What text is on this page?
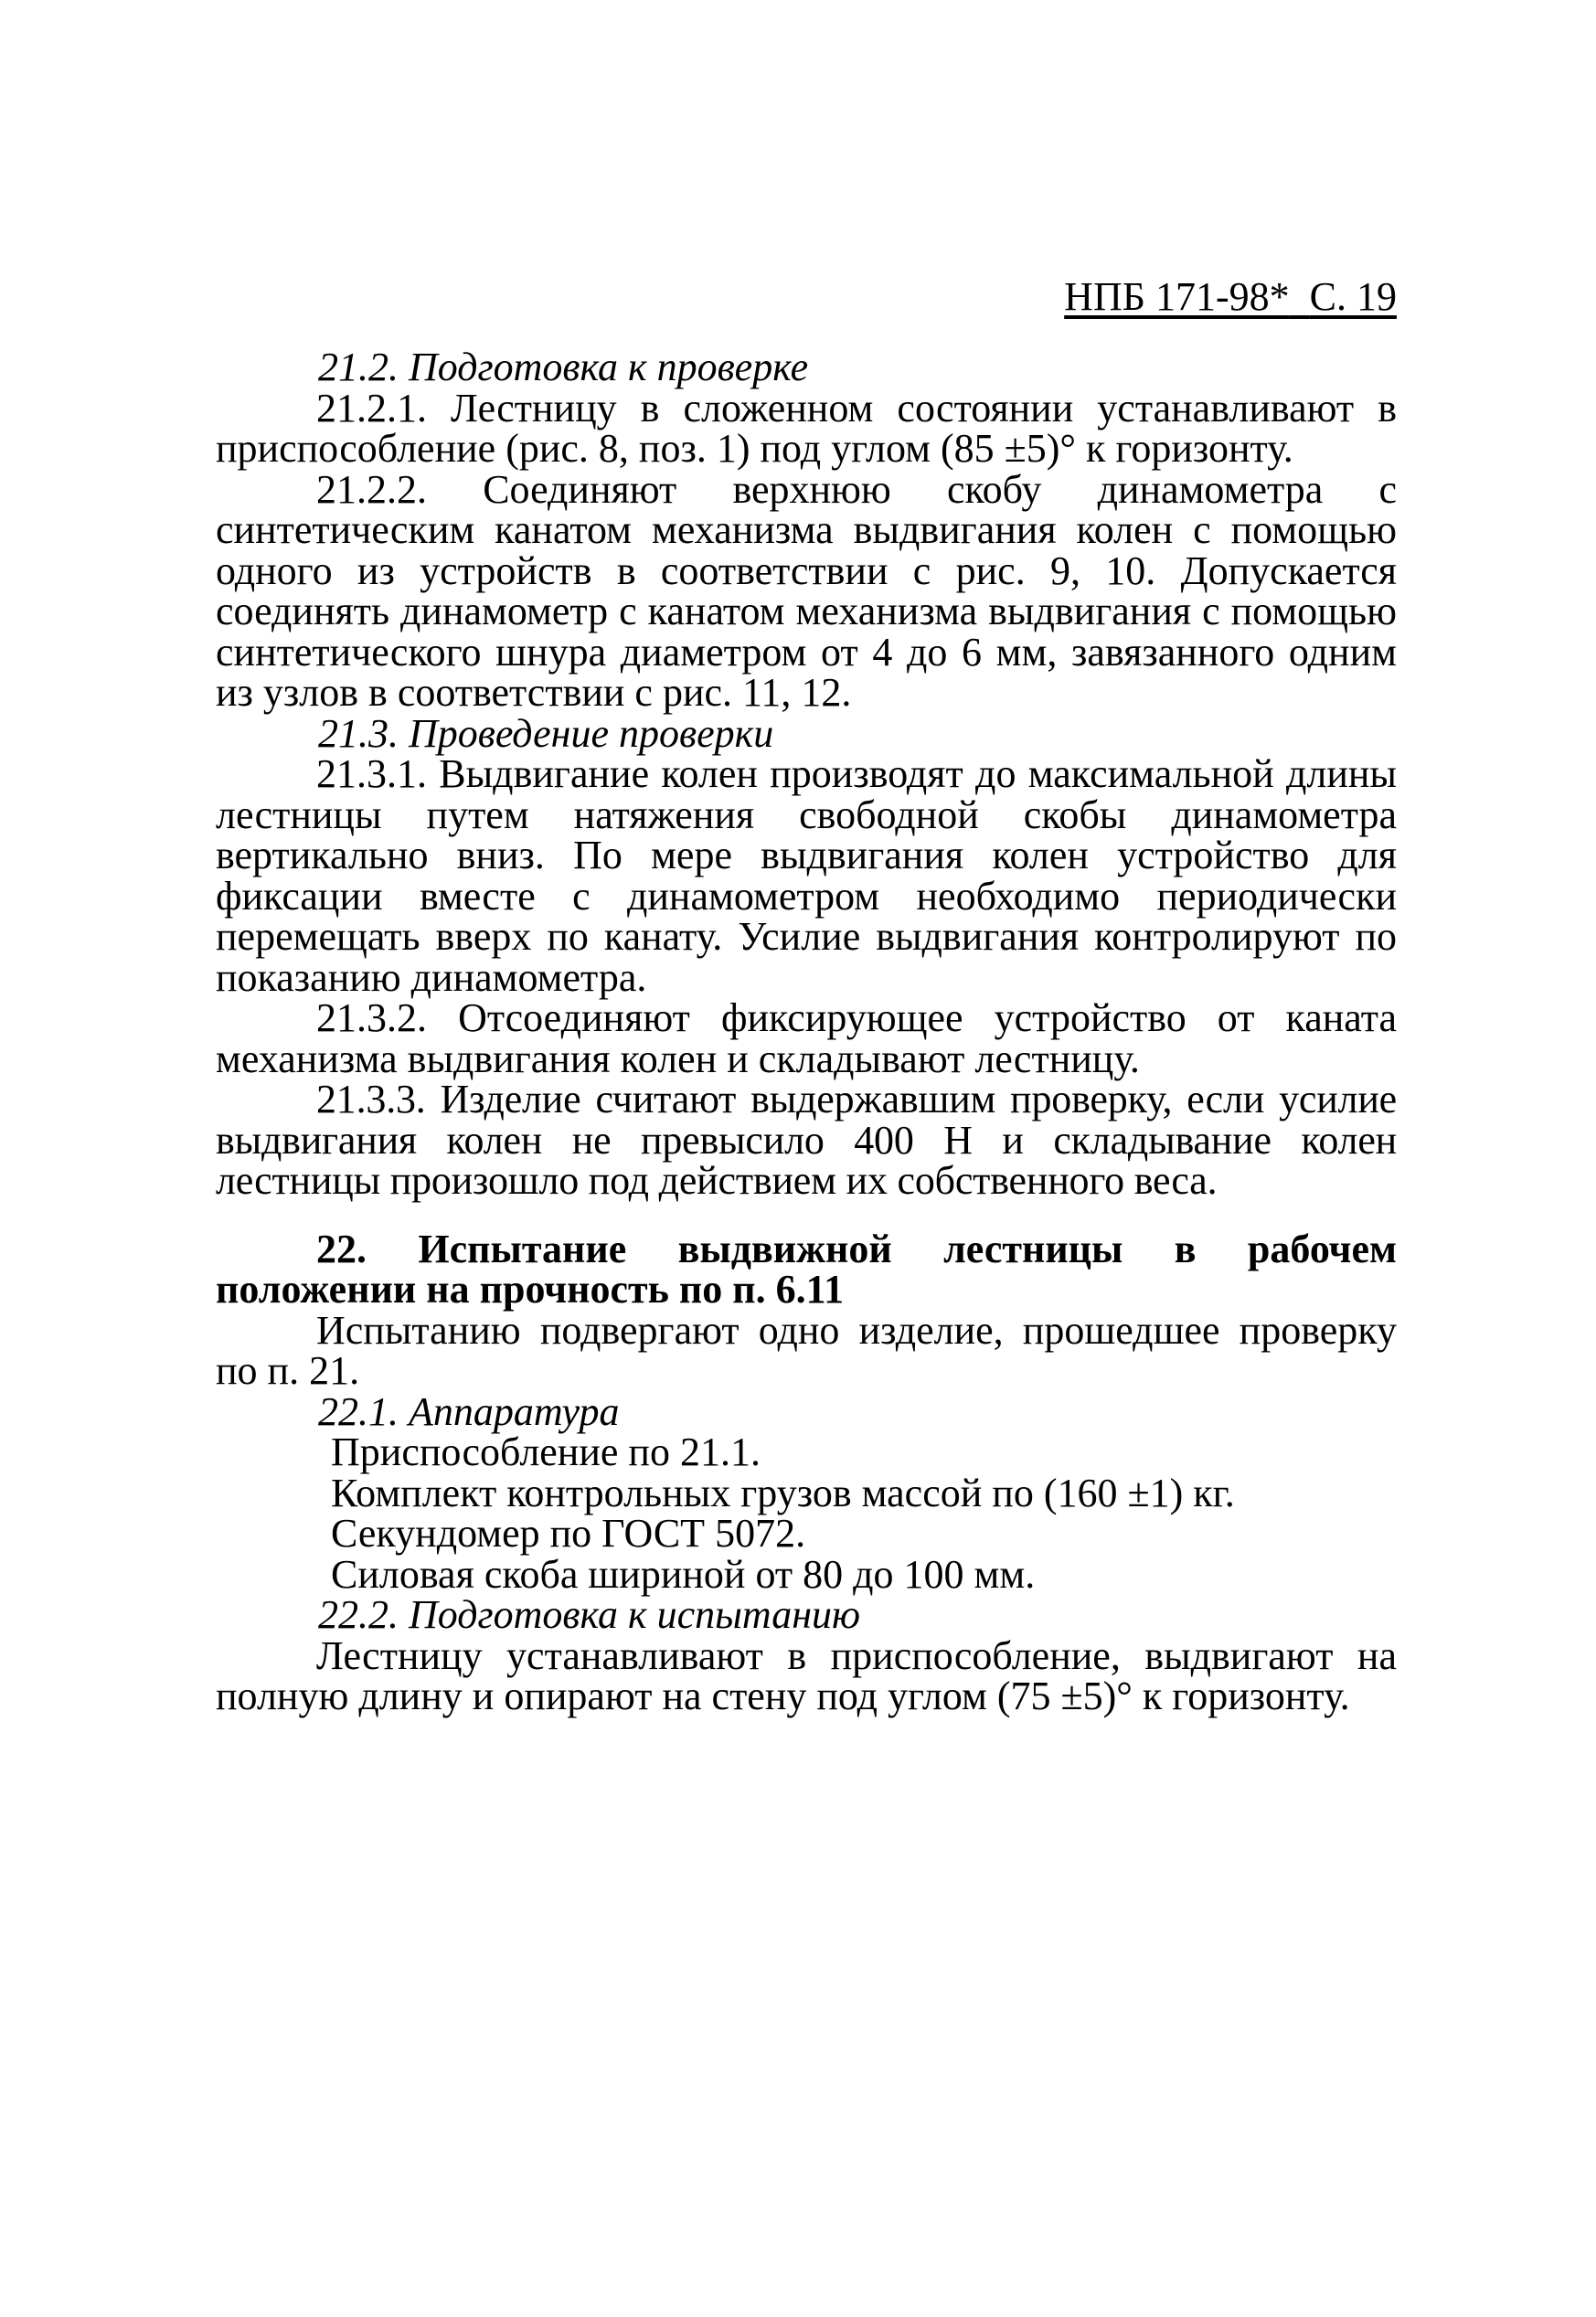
НПБ 171-98* С. 19

21.2. Подготовка к проверке

21.2.1. Лестницу в сложенном состоянии устанавливают в приспособление (рис. 8, поз. 1) под углом (85 ±5)° к горизонту.

21.2.2. Соединяют верхнюю скобу динамометра с синтетическим канатом механизма выдвигания колен с помощью одного из устройств в соответствии с рис. 9, 10. Допускается соединять динамометр с канатом механизма выдвигания с помощью синтетического шнура диаметром от 4 до 6 мм, завязанного одним из узлов в соответствии с рис. 11, 12.

21.3. Проведение проверки

21.3.1. Выдвигание колен производят до максимальной длины лестницы путем натяжения свободной скобы динамометра вертикально вниз. По мере выдвигания колен устройство для фиксации вместе с динамометром необходимо периодически перемещать вверх по канату. Усилие выдвигания контролируют по показанию динамометра.

21.3.2. Отсоединяют фиксирующее устройство от каната механизма выдвигания колен и складывают лестницу.

21.3.3. Изделие считают выдержавшим проверку, если усилие выдвигания колен не превысило 400 Н и складывание колен лестницы произошло под действием их собственного веса.

22. Испытание выдвижной лестницы в рабочем положении на прочность по п. 6.11

Испытанию подвергают одно изделие, прошедшее проверку по п. 21.

22.1. Аппаратура

Приспособление по 21.1.

Комплект контрольных грузов массой по (160 ±1) кг.

Секундомер по ГОСТ 5072.

Силовая скоба шириной от 80 до 100 мм.

22.2. Подготовка к испытанию

Лестницу устанавливают в приспособление, выдвигают на полную длину и опирают на стену под углом (75 ±5)° к горизонту.
